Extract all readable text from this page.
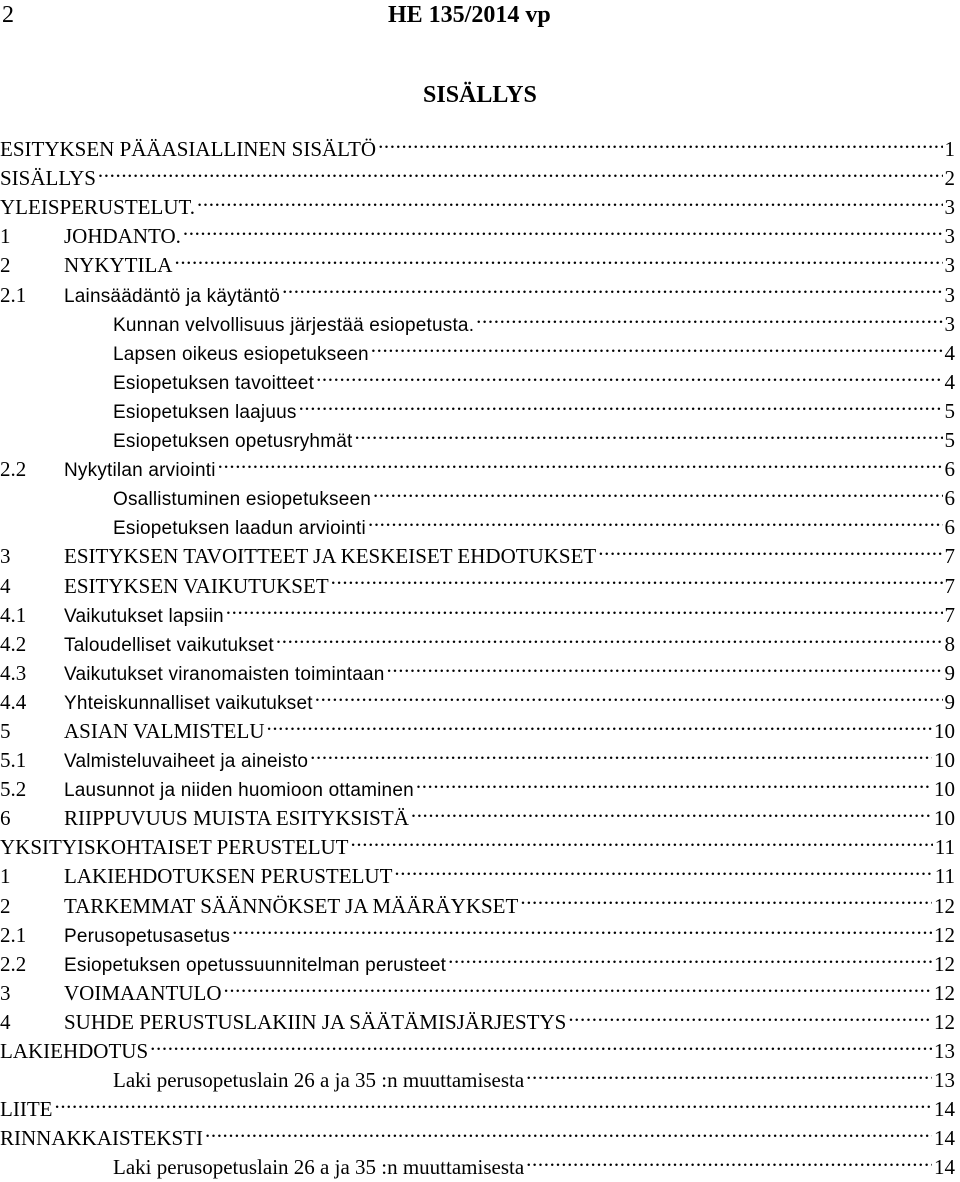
2	HE 135/2014 vp
SISÄLLYS
ESITYKSEN PÄÄASIALLINEN SISÄLTÖ .....	1
SISÄLLYS .....	2
YLEISPERUSTELUT. .....	3
1	JOHDANTO. .....	3
2	NYKYTILA .....	3
2.1	Lainsäädäntö ja käytäntö .....	3
Kunnan velvollisuus järjestää esiopetusta. .....	3
Lapsen oikeus esiopetukseen .....	4
Esiopetuksen tavoitteet .....	4
Esiopetuksen laajuus .....	5
Esiopetuksen opetusryhmät .....	5
2.2	Nykytilan arviointi .....	6
Osallistuminen esiopetukseen .....	6
Esiopetuksen laadun arviointi .....	6
3	ESITYKSEN TAVOITTEET JA KESKEISET EHDOTUKSET .....	7
4	ESITYKSEN VAIKUTUKSET .....	7
4.1	Vaikutukset lapsiin .....	7
4.2	Taloudelliset vaikutukset .....	8
4.3	Vaikutukset viranomaisten toimintaan .....	9
4.4	Yhteiskunnalliset vaikutukset .....	9
5	ASIAN VALMISTELU .....	10
5.1	Valmisteluvaiheet ja aineisto .....	10
5.2	Lausunnot ja niiden huomioon ottaminen .....	10
6	RIIPPUVUUS MUISTA ESITYKSISTÄ .....	10
YKSITYISKOHTAISET PERUSTELUT .....	11
1	LAKIEHDOTUKSEN PERUSTELUT .....	11
2	TARKEMMAT SÄÄNNÖKSET JA MÄÄRÄYKSET .....	12
2.1	Perusopetusasetus .....	12
2.2	Esiopetuksen opetussuunnitelman perusteet .....	12
3	VOIMAANTULO .....	12
4	SUHDE PERUSTUSLAKIIN JA SÄÄTÄMISJÄRJESTYS .....	12
LAKIEHDOTUS .....	13
Laki perusopetuslain 26 a ja 35 :n muuttamisesta .....	13
LIITE .....	14
RINNAKKAISTEKSTI .....	14
Laki perusopetuslain 26 a ja 35 :n muuttamisesta .....	14
